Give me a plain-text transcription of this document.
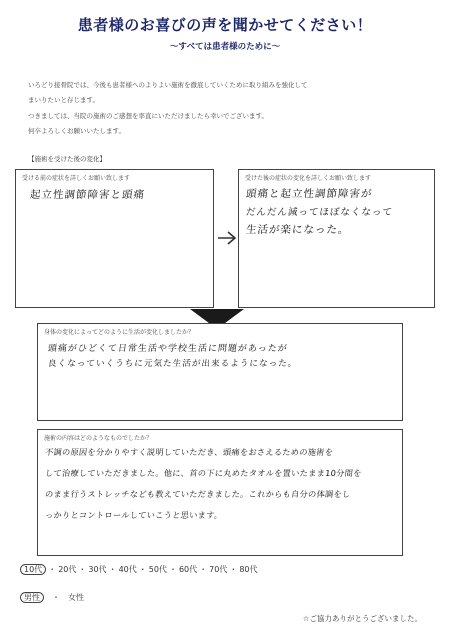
患者様のお喜びの声を聞かせてください！
〜すべては患者様のために〜
いろどり接骨院では、今後も患者様へのよりよい施術を徹底していくために取り組みを強化して
まいりたいと存じます。
つきましては、当院の施術のご感想を率直にいただけましたら幸いでございます。
何卒よろしくお願いいたします。
【施術を受けた後の変化】
受ける前の症状を詳しくお願い致します
起立性調節障害と頭痛
受けた後の症状の変化を詳しくお願い致します
頭痛と起立性調節障害が
だんだん減ってほぼなくなって
生活が楽になった。
身体の変化によってどのように生活が変化しましたか？
頭痛がひどくて日常生活や学校生活に問題があったが
良くなっていくうちに元気た生活が出来るようになった。
施術の内容はどのようなものでしたか？
不調の原因を分かりやすく説明していただき、頭痛をおさえるための施術を
して治療していただきました。他に、首の下に丸めたタオルを置いたまま10分間を
のまま行うストレッチなども教えていただきました。これからも自分の体調をし
っかりとコントロールしていこうと思います。
10代 ・ 20代 ・ 30代 ・ 40代 ・ 50代 ・ 60代 ・ 70代 ・ 80代
男性 ・ 女性
☆ご協力ありがとうございました。
